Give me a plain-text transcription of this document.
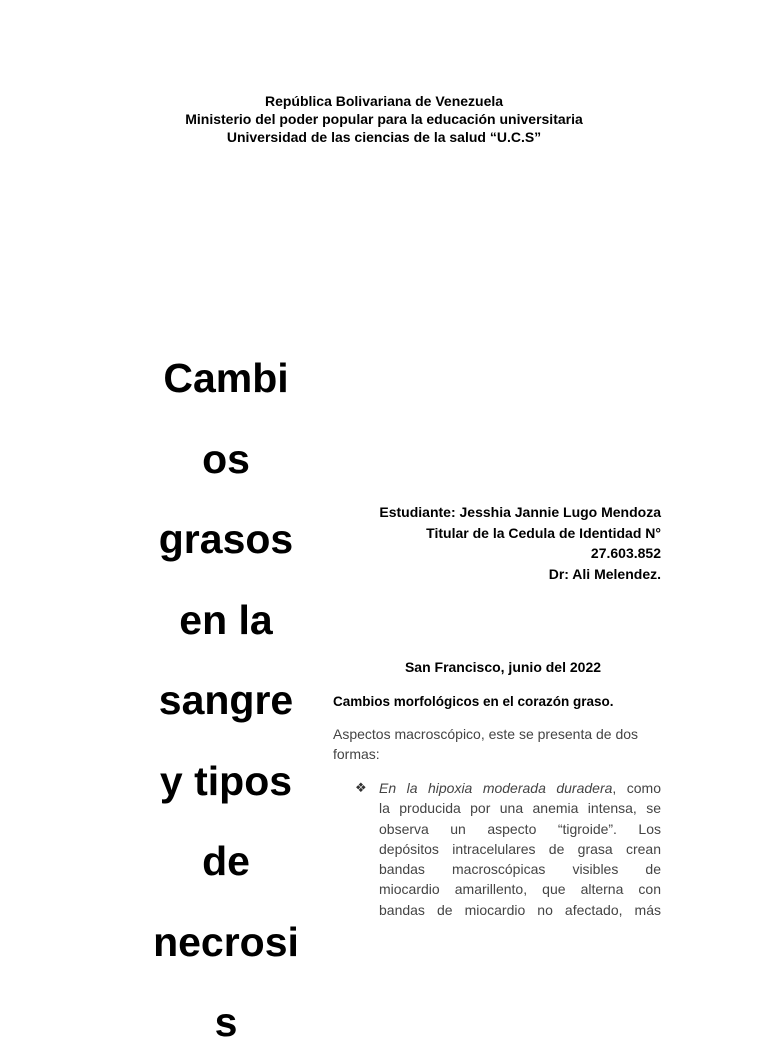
República Bolivariana de Venezuela
Ministerio del poder popular para la educación universitaria
Universidad de las ciencias de la salud “U.C.S”
Cambi
os
grasos
en la
sangre
y tipos
de
necrosi
s
Estudiante: Jesshia Jannie Lugo Mendoza
Titular de la Cedula de Identidad N°
27.603.852
Dr: Ali Melendez.
San Francisco, junio del 2022
Cambios morfológicos en el corazón graso.
Aspectos macroscópico, este se presenta de dos formas:
❖ En la hipoxia moderada duradera, como
la producida por una anemia intensa, se
observa un aspecto “tigroide”. Los
depósitos intracelulares de grasa crean
bandas macroscópicas visibles de
miocardio amarillento, que alterna con
bandas de miocardio no afectado, más
